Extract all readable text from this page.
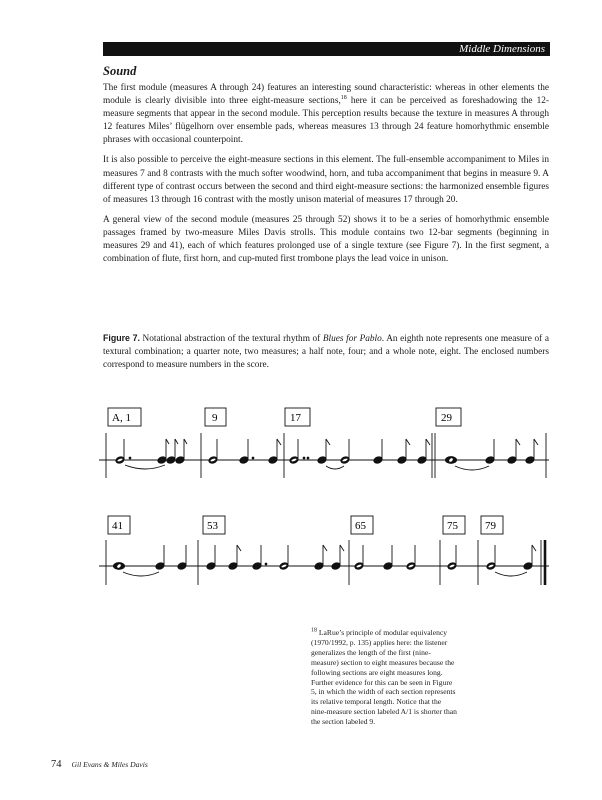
Middle Dimensions
Sound

The first module (measures A through 24) features an interesting sound characteristic: whereas in other elements the module is clearly divisible into three eight-measure sections,$^{18}$ here it can be perceived as foreshadowing the 12-measure segments that appear in the second module. This perception results because the texture in measures A through 12 features Miles’ flügelhorn over ensemble pads, whereas measures 13 through 24 feature homorhythmic ensemble phrases with occasional counterpoint.

It is also possible to perceive the eight-measure sections in this element. The full-ensemble accompaniment to Miles in measures 7 and 8 contrasts with the much softer woodwind, horn, and tuba accompaniment that begins in measure 9. A different type of contrast occurs between the second and third eight-measure sections: the harmonized ensemble figures of measures 13 through 16 contrast with the mostly unison material of measures 17 through 20.

A general view of the second module (measures 25 through 52) shows it to be a series of homorhythmic ensemble passages framed by two-measure Miles Davis strolls. This module contains two 12-bar segments (beginning in measures 29 and 41), each of which features prolonged use of a single texture (see Figure 7). In the first segment, a combination of flute, first horn, and cup-muted first trombone plays the lead voice in unison.

Figure 7. Notational abstraction of the textural rhythm of Blues for Pablo. An eighth note represents one measure of a textural combination; a quarter note, two measures; a half note, four; and a whole note, eight. The enclosed numbers correspond to measure numbers in the score.
A, 1	9	17	29
41	53	65	75 79
$^{18}$ LaRue’s principle of modular equivalency (1970/1992, p. 135) applies here: the listener generalizes the length of the first (nine-measure) section to eight measures because the following sections are eight measures long. Further evidence for this can be seen in Figure 5, in which the width of each section represents its relative temporal length. Notice that the nine-measure section labeled A/1 is shorter than the section labeled 9.
74 Gil Evans & Miles Davis
